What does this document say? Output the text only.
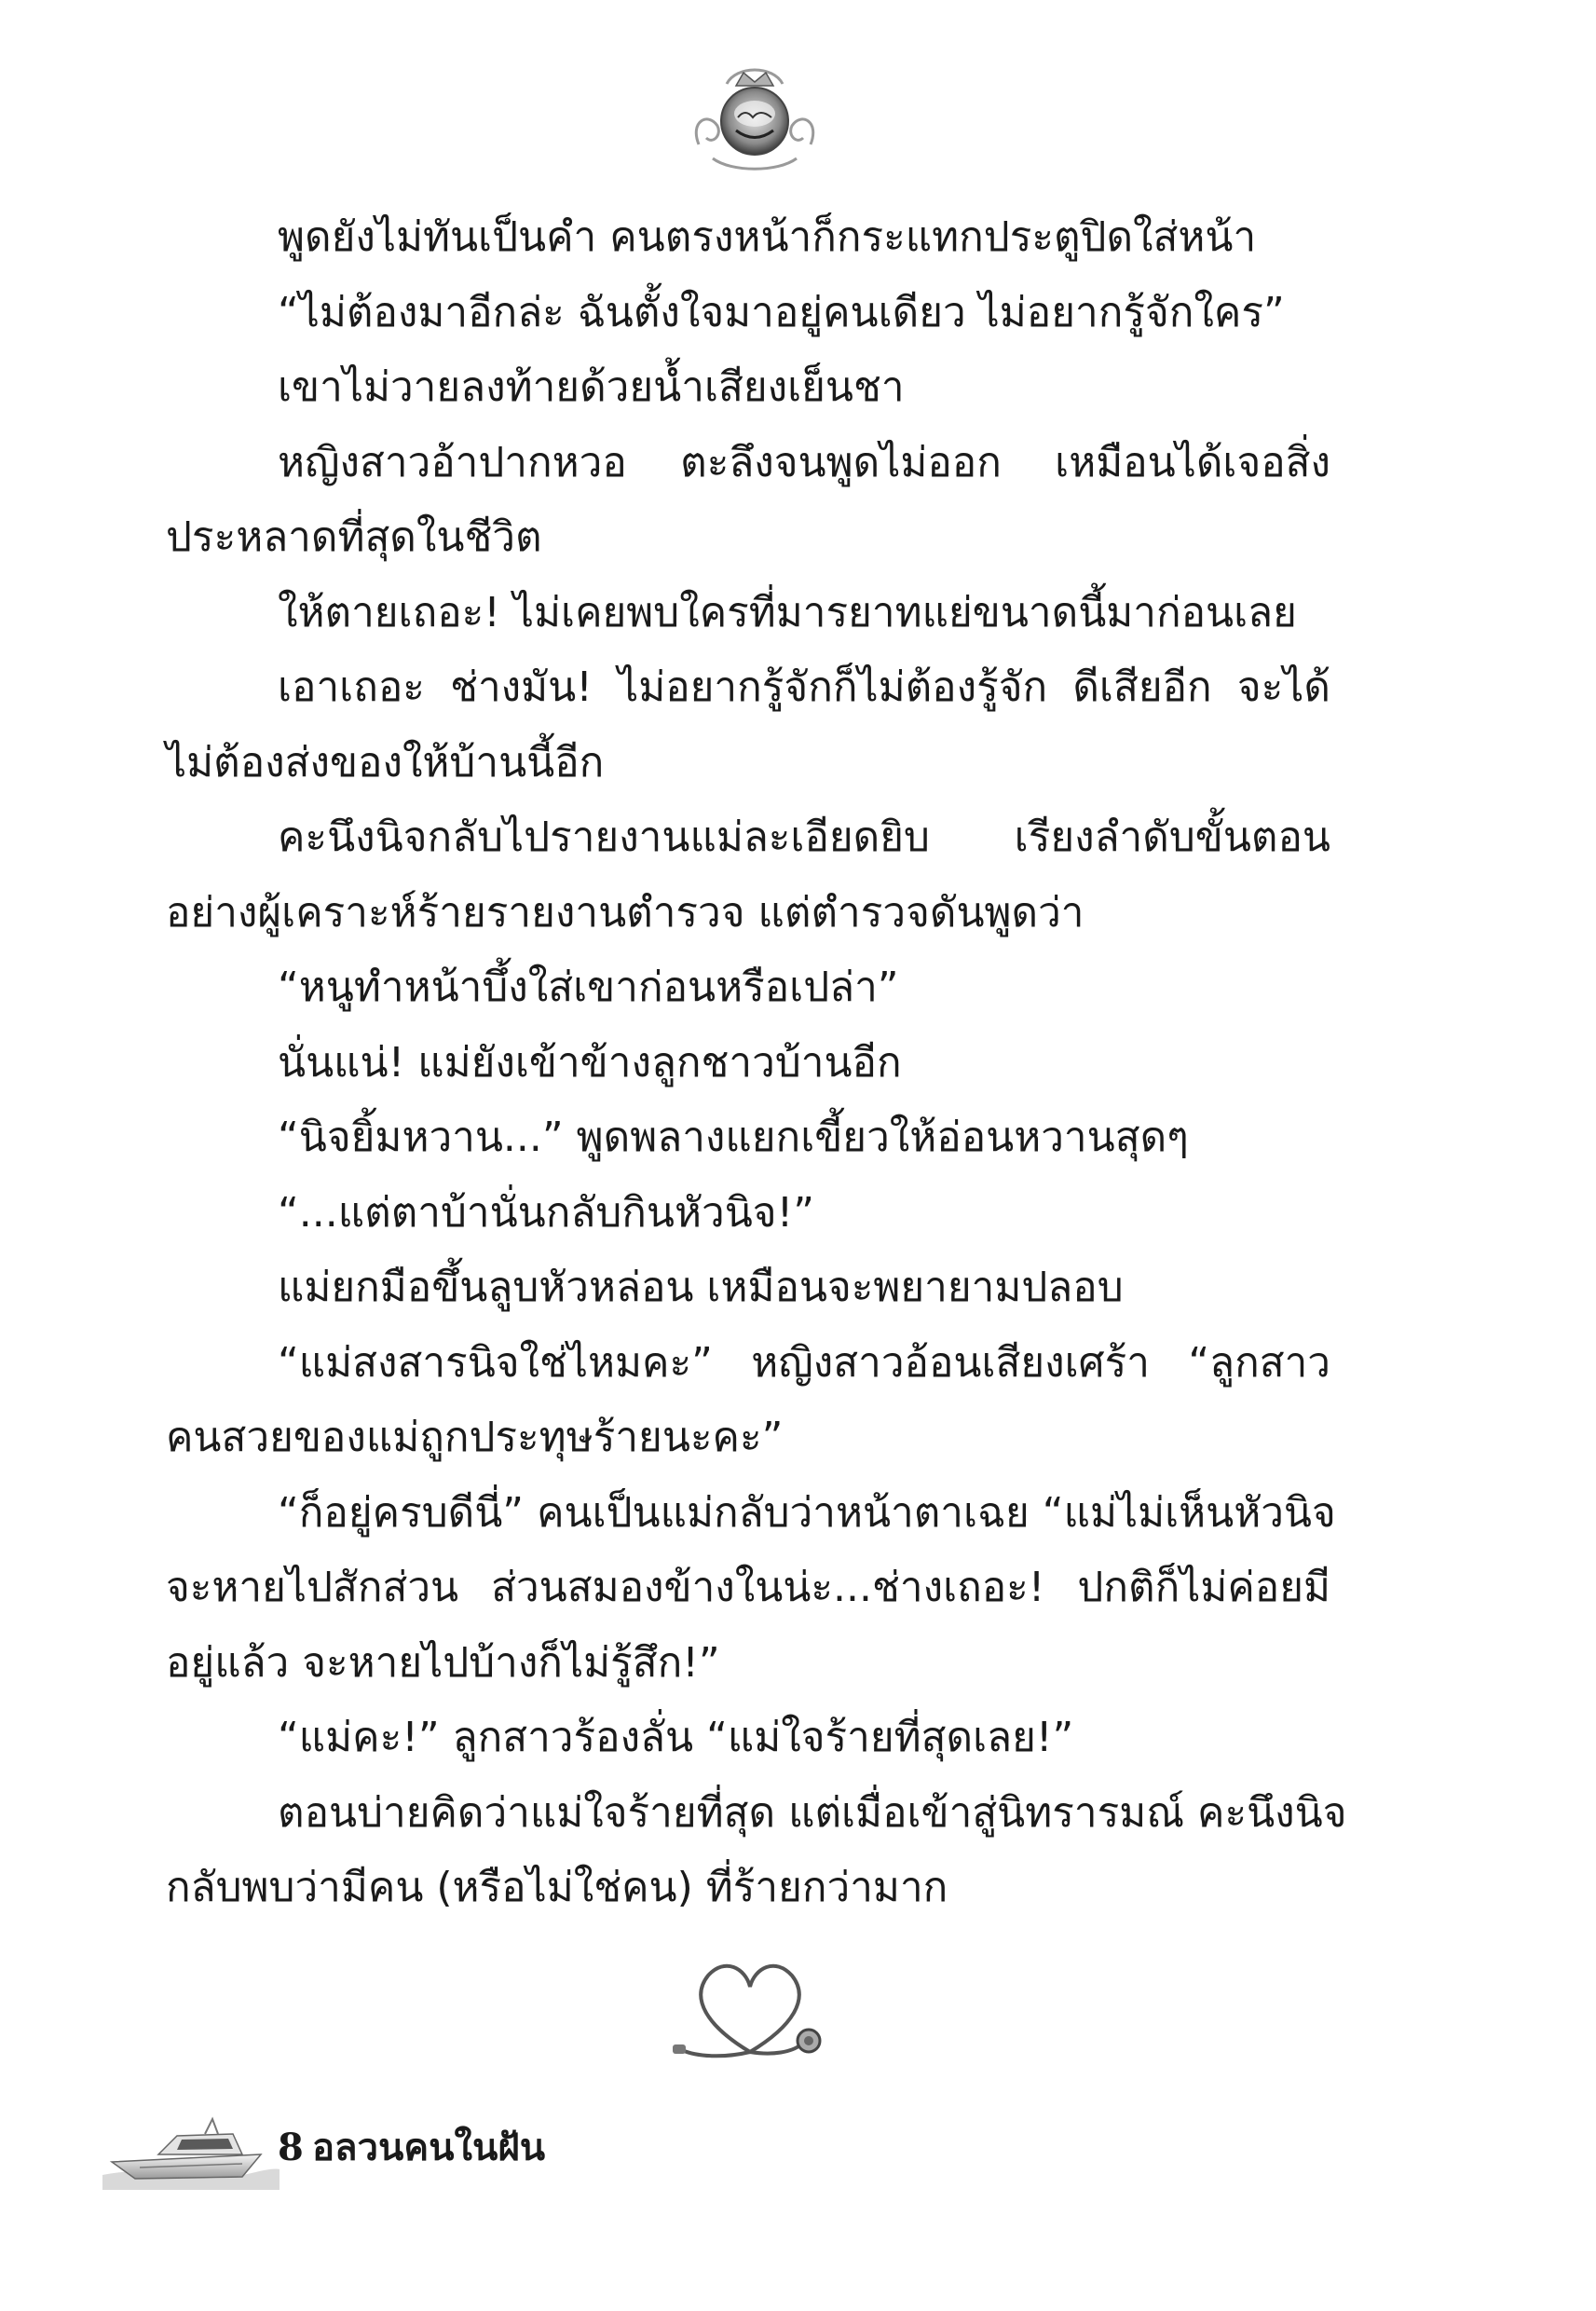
พูดยังไม่ทันเป็นคำ คนตรงหน้าก็กระแทกประตูปิดใส่หน้า
“ไม่ต้องมาอีกล่ะ ฉันตั้งใจมาอยู่คนเดียว ไม่อยากรู้จักใคร”
เขาไม่วายลงท้ายด้วยน้ำเสียงเย็นชา
หญิงสาวอ้าปากหวอ ตะลึงจนพูดไม่ออก เหมือนได้เจอสิ่ง
ประหลาดที่สุดในชีวิต
ให้ตายเถอะ! ไม่เคยพบใครที่มารยาทแย่ขนาดนี้มาก่อนเลย
เอาเถอะ ช่างมัน! ไม่อยากรู้จักก็ไม่ต้องรู้จัก ดีเสียอีก จะได้
ไม่ต้องส่งของให้บ้านนี้อีก
คะนึงนิจกลับไปรายงานแม่ละเอียดยิบ เรียงลำดับขั้นตอน
อย่างผู้เคราะห์ร้ายรายงานตำรวจ แต่ตำรวจดันพูดว่า
“หนูทำหน้าบึ้งใส่เขาก่อนหรือเปล่า”
นั่นแน่! แม่ยังเข้าข้างลูกชาวบ้านอีก
“นิจยิ้มหวาน...” พูดพลางแยกเขี้ยวให้อ่อนหวานสุดๆ
“...แต่ตาบ้านั่นกลับกินหัวนิจ!”
แม่ยกมือขึ้นลูบหัวหล่อน เหมือนจะพยายามปลอบ
“แม่สงสารนิจใช่ไหมคะ” หญิงสาวอ้อนเสียงเศร้า “ลูกสาว
คนสวยของแม่ถูกประทุษร้ายนะคะ”
“ก็อยู่ครบดีนี่” คนเป็นแม่กลับว่าหน้าตาเฉย “แม่ไม่เห็นหัวนิจ
จะหายไปสักส่วน ส่วนสมองข้างในน่ะ...ช่างเถอะ! ปกติก็ไม่ค่อยมี
อยู่แล้ว จะหายไปบ้างก็ไม่รู้สึก!”
“แม่คะ!” ลูกสาวร้องลั่น “แม่ใจร้ายที่สุดเลย!”
ตอนบ่ายคิดว่าแม่ใจร้ายที่สุด แต่เมื่อเข้าสู่นิทรารมณ์ คะนึงนิจ
กลับพบว่ามีคน (หรือไม่ใช่คน) ที่ร้ายกว่ามาก
8 อลวนคนในฝัน
